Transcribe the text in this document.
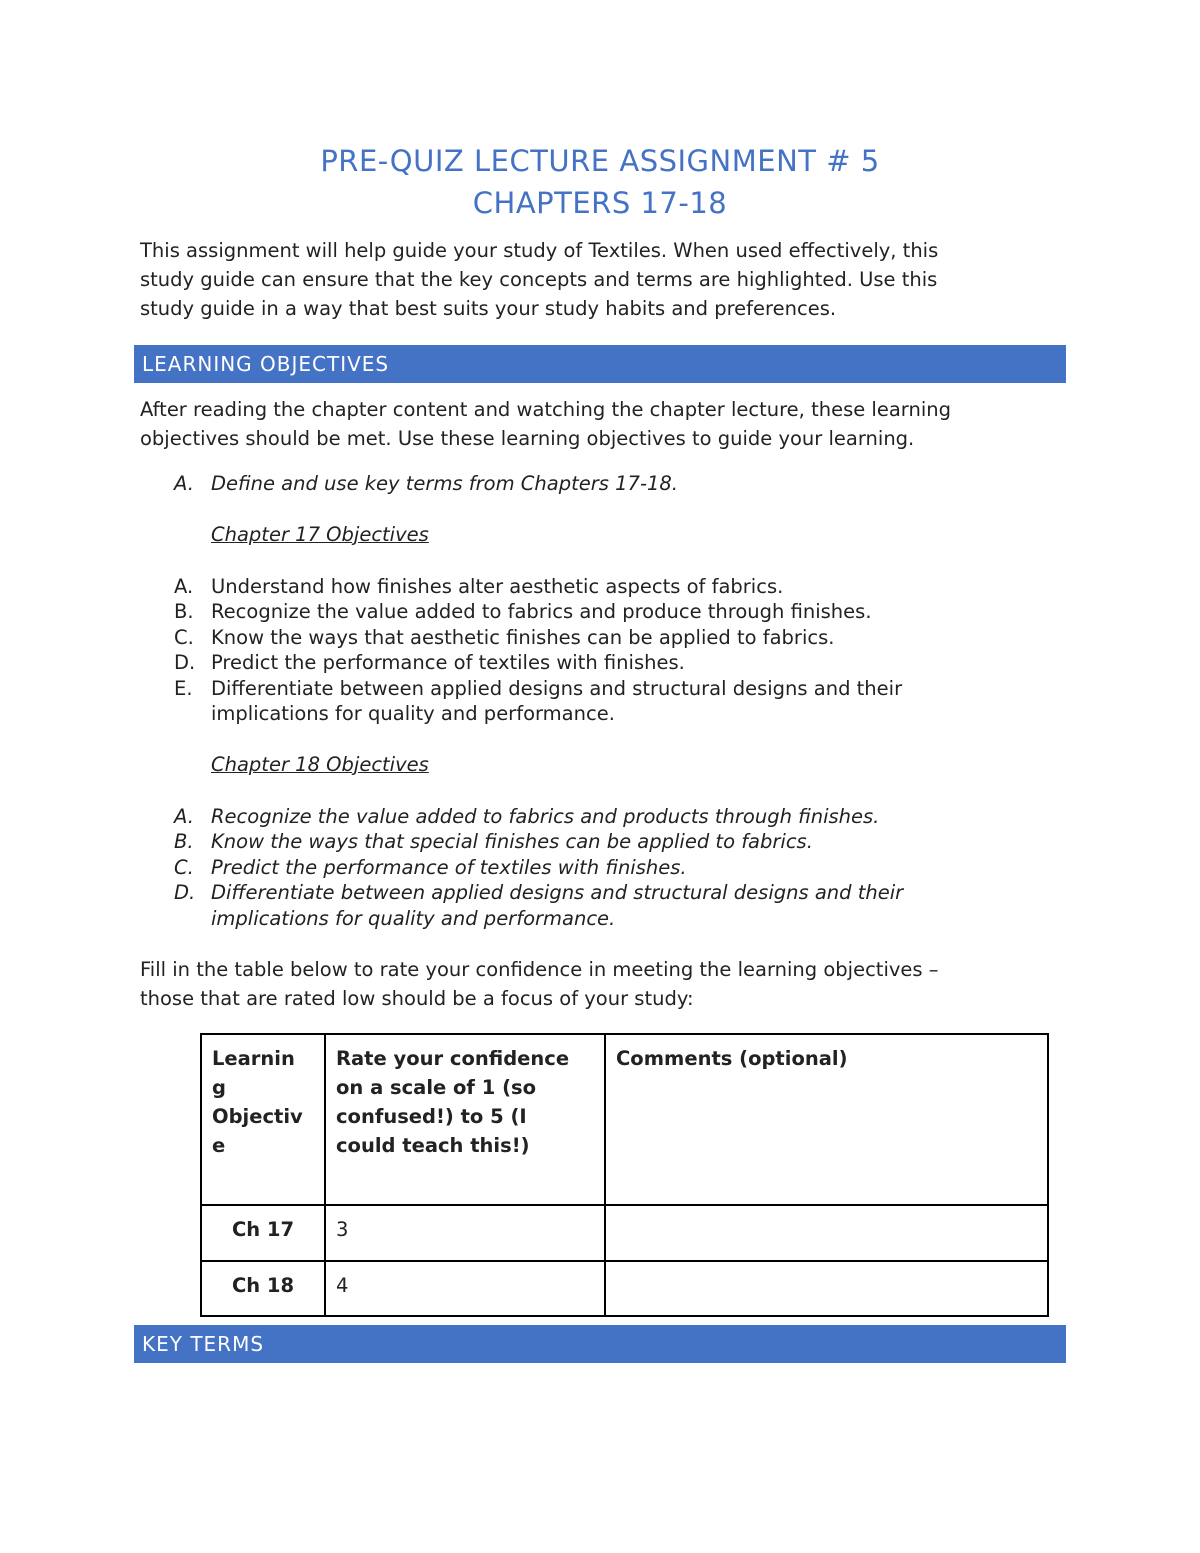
PRE-QUIZ LECTURE ASSIGNMENT # 5

CHAPTERS 17-18

This assignment will help guide your study of Textiles. When used effectively, this
study guide can ensure that the key concepts and terms are highlighted. Use this
study guide in a way that best suits your study habits and preferences.
LEARNING OBJECTIVES
After reading the chapter content and watching the chapter lecture, these learning
objectives should be met. Use these learning objectives to guide your learning.
A. Define and use key terms from Chapters 17-18.

Chapter 17 Objectives

A. Understand how finishes alter aesthetic aspects of fabrics.
B. Recognize the value added to fabrics and produce through finishes.
C. Know the ways that aesthetic finishes can be applied to fabrics.
D. Predict the performance of textiles with finishes.
E. Differentiate between applied designs and structural designs and their implications for quality and performance.

Chapter 18 Objectives

A. Recognize the value added to fabrics and products through finishes.
B. Know the ways that special finishes can be applied to fabrics.
C. Predict the performance of textiles with finishes.
D. Differentiate between applied designs and structural designs and their implications for quality and performance.
Fill in the table below to rate your confidence in meeting the learning objectives –
those that are rated low should be a focus of your study:
Learnin g Objectiv e	Rate your confidence on a scale of 1 (so confused!) to 5 (I could teach this!)	Comments (optional)
Ch 17	3	
Ch 18	4	
KEY TERMS
